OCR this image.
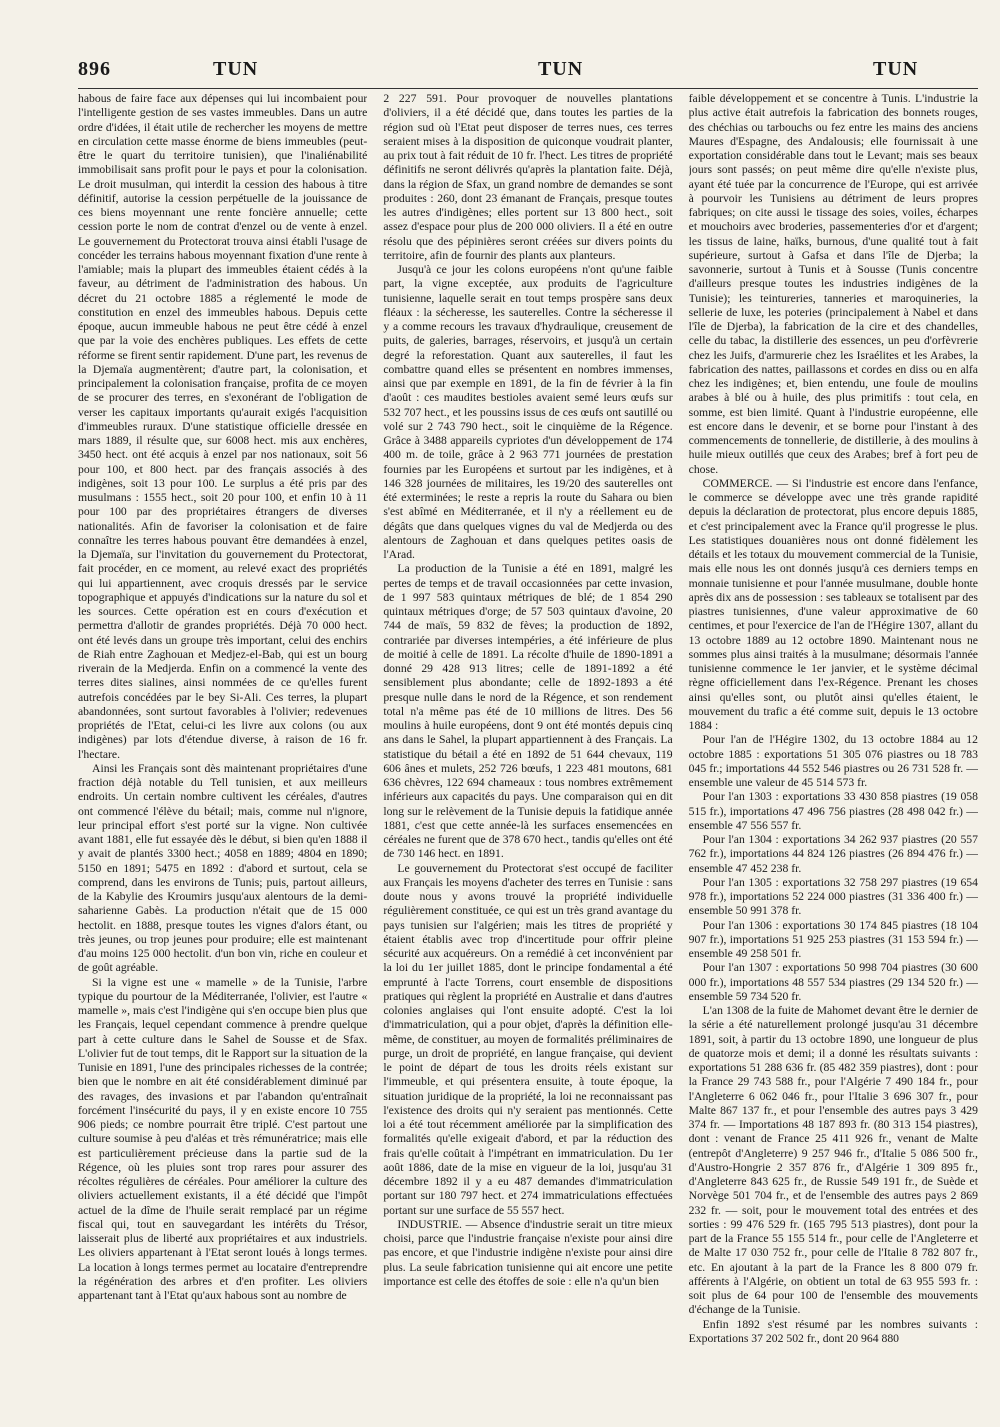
896	TUN	TUN	TUN

habous de faire face aux dépenses qui lui incombaient pour l'intelligente gestion de ses vastes immeubles. Dans un autre ordre d'idées, il était utile de rechercher les moyens de mettre en circulation cette masse énorme de biens immeubles (peut-être le quart du territoire tunisien), que l'inaliénabilité immobilisait sans profit pour le pays et pour la colonisation. Le droit musulman, qui interdit la cession des habous à titre définitif, autorise la cession perpétuelle de la jouissance de ces biens moyennant une rente foncière annuelle; cette cession porte le nom de contrat d'enzel ou de vente à enzel. Le gouvernement du Protectorat trouva ainsi établi l'usage de concéder les terrains habous moyennant fixation d'une rente à l'amiable; mais la plupart des immeubles étaient cédés à la faveur, au détriment de l'administration des habous. Un décret du 21 octobre 1885 a réglementé le mode de constitution en enzel des immeubles habous. Depuis cette époque, aucun immeuble habous ne peut être cédé à enzel que par la voie des enchères publiques. Les effets de cette réforme se firent sentir rapidement. D'une part, les revenus de la Djemaïa augmentèrent; d'autre part, la colonisation, et principalement la colonisation française, profita de ce moyen de se procurer des terres, en s'exonérant de l'obligation de verser les capitaux importants qu'aurait exigés l'acquisition d'immeubles ruraux. D'une statistique officielle dressée en mars 1889, il résulte que, sur 6008 hect. mis aux enchères, 3450 hect. ont été acquis à enzel par nos nationaux, soit 56 pour 100, et 800 hect. par des français associés à des indigènes, soit 13 pour 100. Le surplus a été pris par des musulmans : 1555 hect., soit 20 pour 100, et enfin 10 à 11 pour 100 par des propriétaires étrangers de diverses nationalités. Afin de favoriser la colonisation et de faire connaître les terres habous pouvant être demandées à enzel, la Djemaïa, sur l'invitation du gouvernement du Protectorat, fait procéder, en ce moment, au relevé exact des propriétés qui lui appartiennent, avec croquis dressés par le service topographique et appuyés d'indications sur la nature du sol et les sources. Cette opération est en cours d'exécution et permettra d'allotir de grandes propriétés. Déjà 70 000 hect. ont été levés dans un groupe très important, celui des enchirs de Riah entre Zaghouan et Medjez-el-Bab, qui est un bourg riverain de la Medjerda. Enfin on a commencé la vente des terres dites sialines, ainsi nommées de ce qu'elles furent autrefois concédées par le bey Si-Ali. Ces terres, la plupart abandonnées, sont surtout favorables à l'olivier; redevenues propriétés de l'Etat, celui-ci les livre aux colons (ou aux indigènes) par lots d'étendue diverse, à raison de 16 fr. l'hectare.

Ainsi les Français sont dès maintenant propriétaires d'une fraction déjà notable du Tell tunisien, et aux meilleurs endroits. Un certain nombre cultivent les céréales, d'autres ont commencé l'élève du bétail; mais, comme nul n'ignore, leur principal effort s'est porté sur la vigne. Non cultivée avant 1881, elle fut essayée dès le début, si bien qu'en 1888 il y avait de plantés 3300 hect.; 4058 en 1889; 4804 en 1890; 5150 en 1891; 5475 en 1892 : d'abord et surtout, cela se comprend, dans les environs de Tunis; puis, partout ailleurs, de la Kabylie des Kroumirs jusqu'aux alentours de la demi-saharienne Gabès. La production n'était que de 15 000 hectolit. en 1888, presque toutes les vignes d'alors étant, ou très jeunes, ou trop jeunes pour produire; elle est maintenant d'au moins 125 000 hectolit. d'un bon vin, riche en couleur et de goût agréable.

Si la vigne est une « mamelle » de la Tunisie, l'arbre typique du pourtour de la Méditerranée, l'olivier, est l'autre « mamelle », mais c'est l'indigène qui s'en occupe bien plus que les Français, lequel cependant commence à prendre quelque part à cette culture dans le Sahel de Sousse et de Sfax. L'olivier fut de tout temps, dit le Rapport sur la situation de la Tunisie en 1891, l'une des principales richesses de la contrée; bien que le nombre en ait été considérablement diminué par des ravages, des invasions et par l'abandon qu'entraînait forcément l'insécurité du pays, il y en existe encore 10 755 906 pieds; ce nombre pourrait être triplé. C'est partout une culture soumise à peu d'aléas et très rémunératrice; mais elle est particulièrement précieuse dans la partie sud de la Régence, où les pluies sont trop rares pour assurer des récoltes régulières de céréales. Pour améliorer la culture des oliviers actuellement existants, il a été décidé que l'impôt actuel de la dîme de l'huile serait remplacé par un régime fiscal qui, tout en sauvegardant les intérêts du Trésor, laisserait plus de liberté aux propriétaires et aux industriels. Les oliviers appartenant à l'Etat seront loués à longs termes. La location à longs termes permet au locataire d'entreprendre la régénération des arbres et d'en profiter. Les oliviers appartenant tant à l'Etat qu'aux habous sont au nombre de

2 227 591. Pour provoquer de nouvelles plantations d'oliviers, il a été décidé que, dans toutes les parties de la région sud où l'Etat peut disposer de terres nues, ces terres seraient mises à la disposition de quiconque voudrait planter, au prix tout à fait réduit de 10 fr. l'hect. Les titres de propriété définitifs ne seront délivrés qu'après la plantation faite. Déjà, dans la région de Sfax, un grand nombre de demandes se sont produites : 260, dont 23 émanant de Français, presque toutes les autres d'indigènes; elles portent sur 13 800 hect., soit assez d'espace pour plus de 200 000 oliviers. Il a été en outre résolu que des pépinières seront créées sur divers points du territoire, afin de fournir des plants aux planteurs.

Jusqu'à ce jour les colons européens n'ont qu'une faible part, la vigne exceptée, aux produits de l'agriculture tunisienne, laquelle serait en tout temps prospère sans deux fléaux : la sécheresse, les sauterelles. Contre la sécheresse il y a comme recours les travaux d'hydraulique, creusement de puits, de galeries, barrages, réservoirs, et jusqu'à un certain degré la reforestation. Quant aux sauterelles, il faut les combattre quand elles se présentent en nombres immenses, ainsi que par exemple en 1891, de la fin de février à la fin d'août : ces maudites bestioles avaient semé leurs œufs sur 532 707 hect., et les poussins issus de ces œufs ont sautillé ou volé sur 2 743 790 hect., soit le cinquième de la Régence. Grâce à 3488 appareils cypriotes d'un développement de 174 400 m. de toile, grâce à 2 963 771 journées de prestation fournies par les Européens et surtout par les indigènes, et à 146 328 journées de militaires, les 19/20 des sauterelles ont été exterminées; le reste a repris la route du Sahara ou bien s'est abîmé en Méditerranée, et il n'y a réellement eu de dégâts que dans quelques vignes du val de Medjerda ou des alentours de Zaghouan et dans quelques petites oasis de l'Arad.

La production de la Tunisie a été en 1891, malgré les pertes de temps et de travail occasionnées par cette invasion, de 1 997 583 quintaux métriques de blé; de 1 854 290 quintaux métriques d'orge; de 57 503 quintaux d'avoine, 20 744 de maïs, 59 832 de fèves; la production de 1892, contrariée par diverses intempéries, a été inférieure de plus de moitié à celle de 1891. La récolte d'huile de 1890-1891 a donné 29 428 913 litres; celle de 1891-1892 a été sensiblement plus abondante; celle de 1892-1893 a été presque nulle dans le nord de la Régence, et son rendement total n'a même pas été de 10 millions de litres. Des 56 moulins à huile européens, dont 9 ont été montés depuis cinq ans dans le Sahel, la plupart appartiennent à des Français. La statistique du bétail a été en 1892 de 51 644 chevaux, 119 606 ânes et mulets, 252 726 bœufs, 1 223 481 moutons, 681 636 chèvres, 122 694 chameaux : tous nombres extrêmement inférieurs aux capacités du pays. Une comparaison qui en dit long sur le relèvement de la Tunisie depuis la fatidique année 1881, c'est que cette année-là les surfaces ensemencées en céréales ne furent que de 378 670 hect., tandis qu'elles ont été de 730 146 hect. en 1891.

Le gouvernement du Protectorat s'est occupé de faciliter aux Français les moyens d'acheter des terres en Tunisie : sans doute nous y avons trouvé la propriété individuelle régulièrement constituée, ce qui est un très grand avantage du pays tunisien sur l'algérien; mais les titres de propriété y étaient établis avec trop d'incertitude pour offrir pleine sécurité aux acquéreurs. On a remédié à cet inconvénient par la loi du 1er juillet 1885, dont le principe fondamental a été emprunté à l'acte Torrens, court ensemble de dispositions pratiques qui règlent la propriété en Australie et dans d'autres colonies anglaises qui l'ont ensuite adopté. C'est la loi d'immatriculation, qui a pour objet, d'après la définition elle-même, de constituer, au moyen de formalités préliminaires de purge, un droit de propriété, en langue française, qui devient le point de départ de tous les droits réels existant sur l'immeuble, et qui présentera ensuite, à toute époque, la situation juridique de la propriété, la loi ne reconnaissant pas l'existence des droits qui n'y seraient pas mentionnés. Cette loi a été tout récemment améliorée par la simplification des formalités qu'elle exigeait d'abord, et par la réduction des frais qu'elle coûtait à l'impétrant en immatriculation. Du 1er août 1886, date de la mise en vigueur de la loi, jusqu'au 31 décembre 1892 il y a eu 487 demandes d'immatriculation portant sur 180 797 hect. et 274 immatriculations effectuées portant sur une surface de 55 557 hect.

INDUSTRIE. — Absence d'industrie serait un titre mieux choisi, parce que l'industrie française n'existe pour ainsi dire pas encore, et que l'industrie indigène n'existe pour ainsi dire plus. La seule fabrication tunisienne qui ait encore une petite importance est celle des étoffes de soie : elle n'a qu'un bien

faible développement et se concentre à Tunis. L'industrie la plus active était autrefois la fabrication des bonnets rouges, des chéchias ou tarbouchs ou fez entre les mains des anciens Maures d'Espagne, des Andalousis; elle fournissait à une exportation considérable dans tout le Levant; mais ses beaux jours sont passés; on peut même dire qu'elle n'existe plus, ayant été tuée par la concurrence de l'Europe, qui est arrivée à pourvoir les Tunisiens au détriment de leurs propres fabriques; on cite aussi le tissage des soies, voiles, écharpes et mouchoirs avec broderies, passementeries d'or et d'argent; les tissus de laine, haïks, burnous, d'une qualité tout à fait supérieure, surtout à Gafsa et dans l'île de Djerba; la savonnerie, surtout à Tunis et à Sousse (Tunis concentre d'ailleurs presque toutes les industries indigènes de la Tunisie); les teintureries, tanneries et maroquineries, la sellerie de luxe, les poteries (principalement à Nabel et dans l'île de Djerba), la fabrication de la cire et des chandelles, celle du tabac, la distillerie des essences, un peu d'orfèvrerie chez les Juifs, d'armurerie chez les Israélites et les Arabes, la fabrication des nattes, paillassons et cordes en diss ou en alfa chez les indigènes; et, bien entendu, une foule de moulins arabes à blé ou à huile, des plus primitifs : tout cela, en somme, est bien limité. Quant à l'industrie européenne, elle est encore dans le devenir, et se borne pour l'instant à des commencements de tonnellerie, de distillerie, à des moulins à huile mieux outillés que ceux des Arabes; bref à fort peu de chose.

COMMERCE. — Si l'industrie est encore dans l'enfance, le commerce se développe avec une très grande rapidité depuis la déclaration de protectorat, plus encore depuis 1885, et c'est principalement avec la France qu'il progresse le plus. Les statistiques douanières nous ont donné fidèlement les détails et les totaux du mouvement commercial de la Tunisie, mais elle nous les ont donnés jusqu'à ces derniers temps en monnaie tunisienne et pour l'année musulmane, double honte après dix ans de possession : ses tableaux se totalisent par des piastres tunisiennes, d'une valeur approximative de 60 centimes, et pour l'exercice de l'an de l'Hégire 1307, allant du 13 octobre 1889 au 12 octobre 1890. Maintenant nous ne sommes plus ainsi traités à la musulmane; désormais l'année tunisienne commence le 1er janvier, et le système décimal règne officiellement dans l'ex-Régence. Prenant les choses ainsi qu'elles sont, ou plutôt ainsi qu'elles étaient, le mouvement du trafic a été comme suit, depuis le 13 octobre 1884 :

Pour l'an de l'Hégire 1302, du 13 octobre 1884 au 12 octobre 1885 : exportations 51 305 076 piastres ou 18 783 045 fr.; importations 44 552 546 piastres ou 26 731 528 fr. — ensemble une valeur de 45 514 573 fr.

Pour l'an 1303 : exportations 33 430 858 piastres (19 058 515 fr.), importations 47 496 756 piastres (28 498 042 fr.) — ensemble 47 556 557 fr.

Pour l'an 1304 : exportations 34 262 937 piastres (20 557 762 fr.), importations 44 824 126 piastres (26 894 476 fr.) — ensemble 47 452 238 fr.

Pour l'an 1305 : exportations 32 758 297 piastres (19 654 978 fr.), importations 52 224 000 piastres (31 336 400 fr.) — ensemble 50 991 378 fr.

Pour l'an 1306 : exportations 30 174 845 piastres (18 104 907 fr.), importations 51 925 253 piastres (31 153 594 fr.) — ensemble 49 258 501 fr.

Pour l'an 1307 : exportations 50 998 704 piastres (30 600 000 fr.), importations 48 557 534 piastres (29 134 520 fr.) — ensemble 59 734 520 fr.

L'an 1308 de la fuite de Mahomet devant être le dernier de la série a été naturellement prolongé jusqu'au 31 décembre 1891, soit, à partir du 13 octobre 1890, une longueur de plus de quatorze mois et demi; il a donné les résultats suivants : exportations 51 288 636 fr. (85 482 359 piastres), dont : pour la France 29 743 588 fr., pour l'Algérie 7 490 184 fr., pour l'Angleterre 6 062 046 fr., pour l'Italie 3 696 307 fr., pour Malte 867 137 fr., et pour l'ensemble des autres pays 3 429 374 fr. — Importations 48 187 893 fr. (80 313 154 piastres), dont : venant de France 25 411 926 fr., venant de Malte (entrepôt d'Angleterre) 9 257 946 fr., d'Italie 5 086 500 fr., d'Austro-Hongrie 2 357 876 fr., d'Algérie 1 309 895 fr., d'Angleterre 843 625 fr., de Russie 549 191 fr., de Suède et Norvège 501 704 fr., et de l'ensemble des autres pays 2 869 232 fr. — soit, pour le mouvement total des entrées et des sorties : 99 476 529 fr. (165 795 513 piastres), dont pour la part de la France 55 155 514 fr., pour celle de l'Angleterre et de Malte 17 030 752 fr., pour celle de l'Italie 8 782 807 fr., etc. En ajoutant à la part de la France les 8 800 079 fr. afférents à l'Algérie, on obtient un total de 63 955 593 fr. : soit plus de 64 pour 100 de l'ensemble des mouvements d'échange de la Tunisie.

Enfin 1892 s'est résumé par les nombres suivants : Exportations 37 202 502 fr., dont 20 964 880
